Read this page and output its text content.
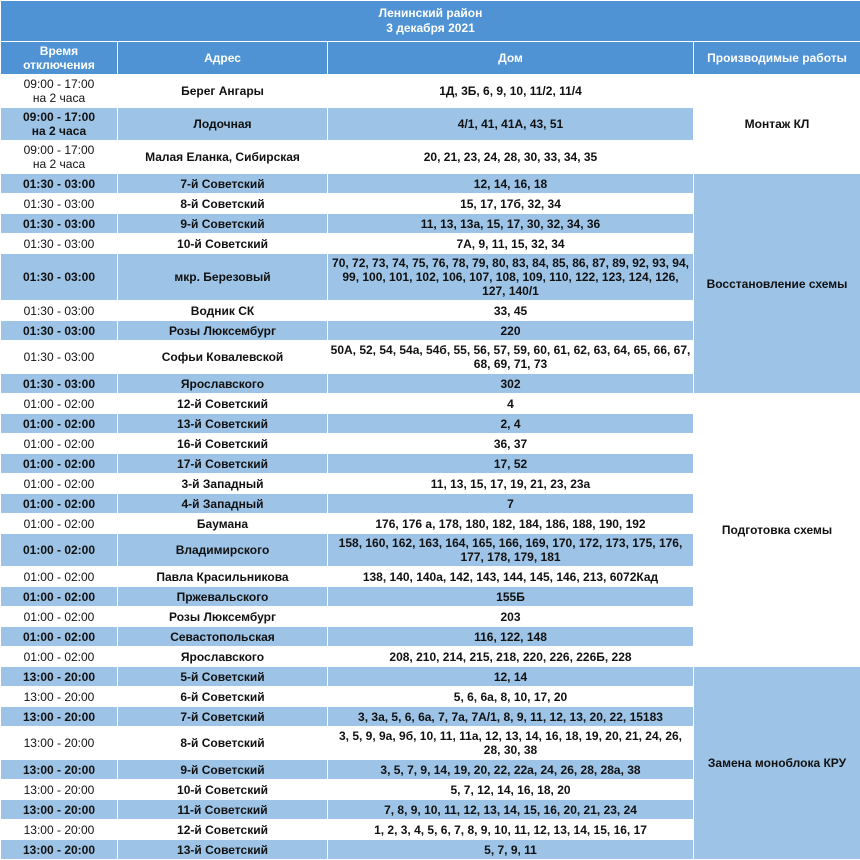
Ленинский район
3 декабря 2021			

Время отключения	Адрес	Дом	Производимые работы
09:00 - 17:00
на 2 часа	Берег Ангары	1Д, 3Б, 6, 9, 10, 11/2, 11/4	Монтаж КЛ
09:00 - 17:00
на 2 часа	Лодочная	4/1, 41, 41А, 43, 51	
09:00 - 17:00
на 2 часа	Малая Еланка, Сибирская	20, 21, 23, 24, 28, 30, 33, 34, 35	
01:30 - 03:00	7-й Советский	12, 14, 16, 18	Восстановление схемы
01:30 - 03:00	8-й Советский	15, 17, 17б, 32, 34	
01:30 - 03:00	9-й Советский	11, 13, 13а, 15, 17, 30, 32, 34, 36	
01:30 - 03:00	10-й Советский	7А, 9, 11, 15, 32, 34	
01:30 - 03:00	мкр. Березовый	70, 72, 73, 74, 75, 76, 78, 79, 80, 83, 84, 85, 86, 87, 89, 92, 93, 94, 99, 100, 101, 102, 106, 107, 108, 109, 110, 122, 123, 124, 126, 127, 140/1	
01:30 - 03:00	Водник СК	33, 45	
01:30 - 03:00	Розы Люксембург	220	
01:30 - 03:00	Софьи Ковалевской	50А, 52, 54, 54а, 54б, 55, 56, 57, 59, 60, 61, 62, 63, 64, 65, 66, 67, 68, 69, 71, 73	
01:30 - 03:00	Ярославского	302	
01:00 - 02:00	12-й Советский	4	Подготовка схемы
01:00 - 02:00	13-й Советский	2, 4	
01:00 - 02:00	16-й Советский	36, 37	
01:00 - 02:00	17-й Советский	17, 52	
01:00 - 02:00	3-й Западный	11, 13, 15, 17, 19, 21, 23, 23а	
01:00 - 02:00	4-й Западный	7	
01:00 - 02:00	Баумана	176, 176 а, 178, 180, 182, 184, 186, 188, 190, 192	
01:00 - 02:00	Владимирского	158, 160, 162, 163, 164, 165, 166, 169, 170, 172, 173, 175, 176, 177, 178, 179, 181	
01:00 - 02:00	Павла Красильникова	138, 140, 140а, 142, 143, 144, 145, 146, 213, 6072Кад	
01:00 - 02:00	Пржевальского	155Б	
01:00 - 02:00	Розы Люксембург	203	
01:00 - 02:00	Севастопольская	116, 122, 148	
01:00 - 02:00	Ярославского	208, 210, 214, 215, 218, 220, 226, 226Б, 228	
13:00 - 20:00	5-й Советский	12, 14	Замена моноблока КРУ
13:00 - 20:00	6-й Советский	5, 6, 6а, 8, 10, 17, 20	
13:00 - 20:00	7-й Советский	3, 3а, 5, 6, 6а, 7, 7а, 7А/1, 8, 9, 11, 12, 13, 20, 22, 15183	
13:00 - 20:00	8-й Советский	3, 5, 9, 9а, 9б, 10, 11, 11а, 12, 13, 14, 16, 18, 19, 20, 21, 24, 26, 28, 30, 38	
13:00 - 20:00	9-й Советский	3, 5, 7, 9, 14, 19, 20, 22, 22а, 24, 26, 28, 28а, 38	
13:00 - 20:00	10-й Советский	5, 7, 12, 14, 16, 18, 20	
13:00 - 20:00	11-й Советский	7, 8, 9, 10, 11, 12, 13, 14, 15, 16, 20, 21, 23, 24	
13:00 - 20:00	12-й Советский	1, 2, 3, 4, 5, 6, 7, 8, 9, 10, 11, 12, 13, 14, 15, 16, 17	
13:00 - 20:00	13-й Советский	5, 7, 9, 11	
